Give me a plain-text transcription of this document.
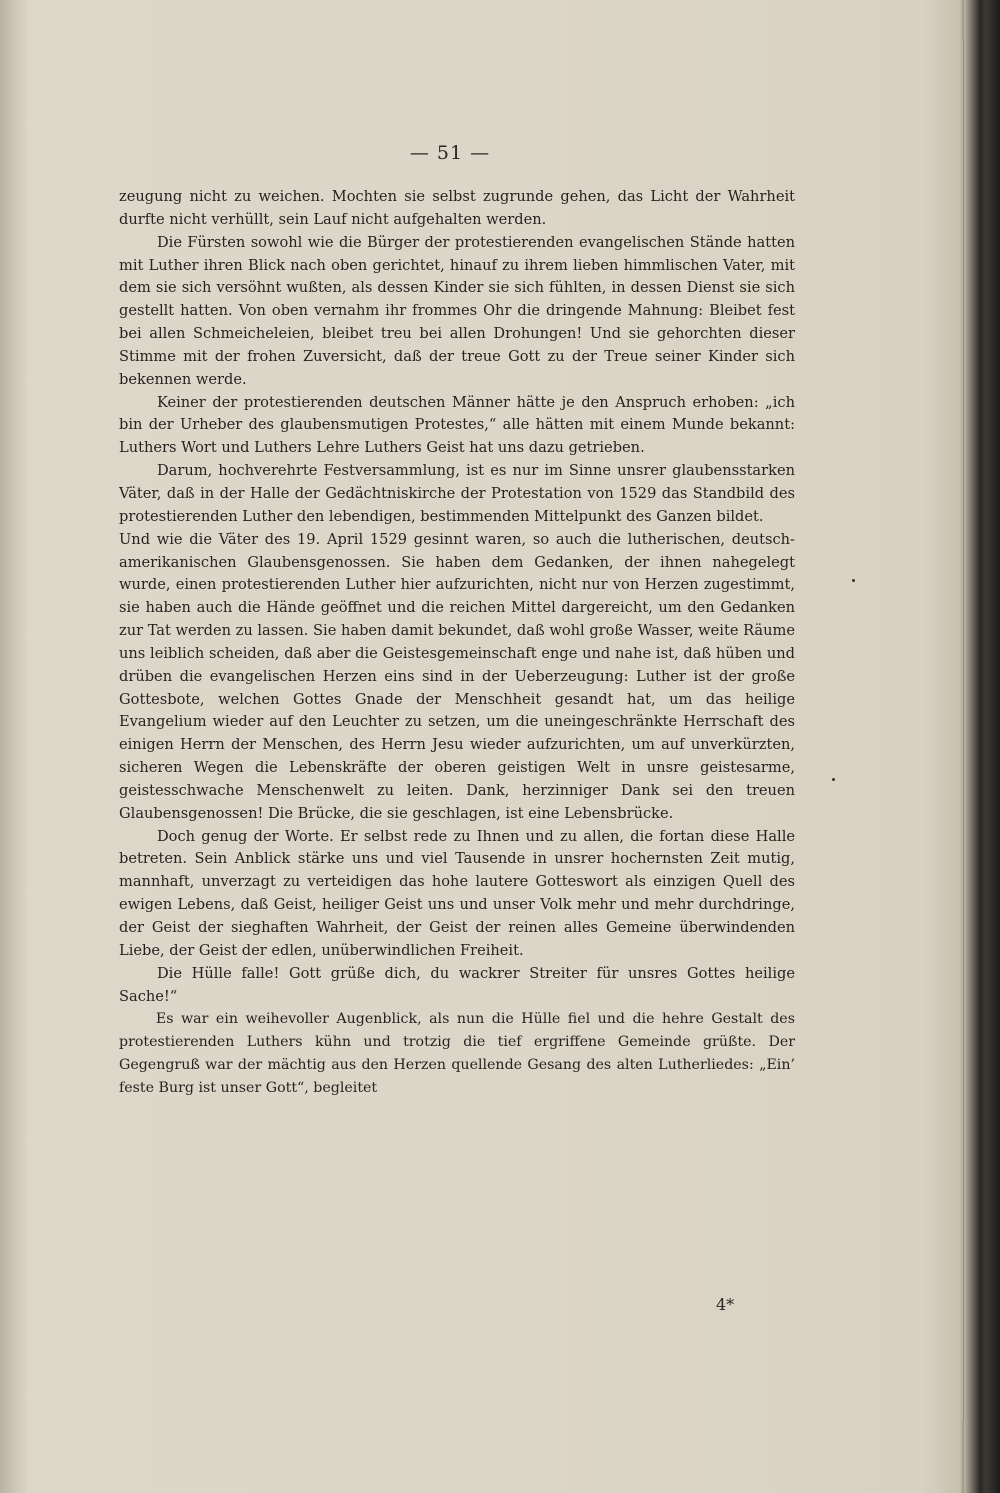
— 51 —

zeugung nicht zu weichen. Mochten sie selbst zugrunde gehen, das Licht der Wahrheit durfte nicht verhüllt, sein Lauf nicht aufgehalten werden.

Die Fürsten sowohl wie die Bürger der protestierenden evangelischen Stände hatten mit Luther ihren Blick nach oben gerichtet, hinauf zu ihrem lieben himmlischen Vater, mit dem sie sich versöhnt wußten, als dessen Kinder sie sich fühlten, in dessen Dienst sie sich gestellt hatten. Von oben vernahm ihr frommes Ohr die dringende Mahnung: Bleibet fest bei allen Schmeicheleien, bleibet treu bei allen Drohungen! Und sie gehorchten dieser Stimme mit der frohen Zuversicht, daß der treue Gott zu der Treue seiner Kinder sich bekennen werde.

Keiner der protestierenden deutschen Männer hätte je den Anspruch erhoben: „ich bin der Urheber des glaubensmutigen Protestes,“ alle hätten mit einem Munde bekannt: Luthers Wort und Luthers Lehre Luthers Geist hat uns dazu getrieben.

Darum, hochverehrte Festversammlung, ist es nur im Sinne unsrer glaubensstarken Väter, daß in der Halle der Gedächtniskirche der Protestation von 1529 das Standbild des protestierenden Luther den lebendigen, bestimmenden Mittelpunkt des Ganzen bildet.

Und wie die Väter des 19. April 1529 gesinnt waren, so auch die lutherischen, deutsch-amerikanischen Glaubensgenossen. Sie haben dem Gedanken, der ihnen nahegelegt wurde, einen protestierenden Luther hier aufzurichten, nicht nur von Herzen zugestimmt, sie haben auch die Hände geöffnet und die reichen Mittel dargereicht, um den Gedanken zur Tat werden zu lassen. Sie haben damit bekundet, daß wohl große Wasser, weite Räume uns leiblich scheiden, daß aber die Geistesgemeinschaft enge und nahe ist, daß hüben und drüben die evangelischen Herzen eins sind in der Ueberzeugung: Luther ist der große Gottesbote, welchen Gottes Gnade der Menschheit gesandt hat, um das heilige Evangelium wieder auf den Leuchter zu setzen, um die uneingeschränkte Herrschaft des einigen Herrn der Menschen, des Herrn Jesu wieder aufzurichten, um auf unverkürzten, sicheren Wegen die Lebenskräfte der oberen geistigen Welt in unsre geistesarme, geistesschwache Menschenwelt zu leiten. Dank, herzinniger Dank sei den treuen Glaubensgenossen! Die Brücke, die sie geschlagen, ist eine Lebensbrücke.

Doch genug der Worte. Er selbst rede zu Ihnen und zu allen, die fortan diese Halle betreten. Sein Anblick stärke uns und viel Tausende in unsrer hochernsten Zeit mutig, mannhaft, unverzagt zu verteidigen das hohe lautere Gotteswort als einzigen Quell des ewigen Lebens, daß Geist, heiliger Geist uns und unser Volk mehr und mehr durchdringe, der Geist der sieghaften Wahrheit, der Geist der reinen alles Gemeine überwindenden Liebe, der Geist der edlen, unüberwindlichen Freiheit.

Die Hülle falle! Gott grüße dich, du wackrer Streiter für unsres Gottes heilige Sache!“

Es war ein weihevoller Augenblick, als nun die Hülle fiel und die hehre Gestalt des protestierenden Luthers kühn und trotzig die tief ergriffene Gemeinde grüßte. Der Gegengruß war der mächtig aus den Herzen quellende Gesang des alten Lutherliedes: „Ein’ feste Burg ist unser Gott“, begleitet

4*
